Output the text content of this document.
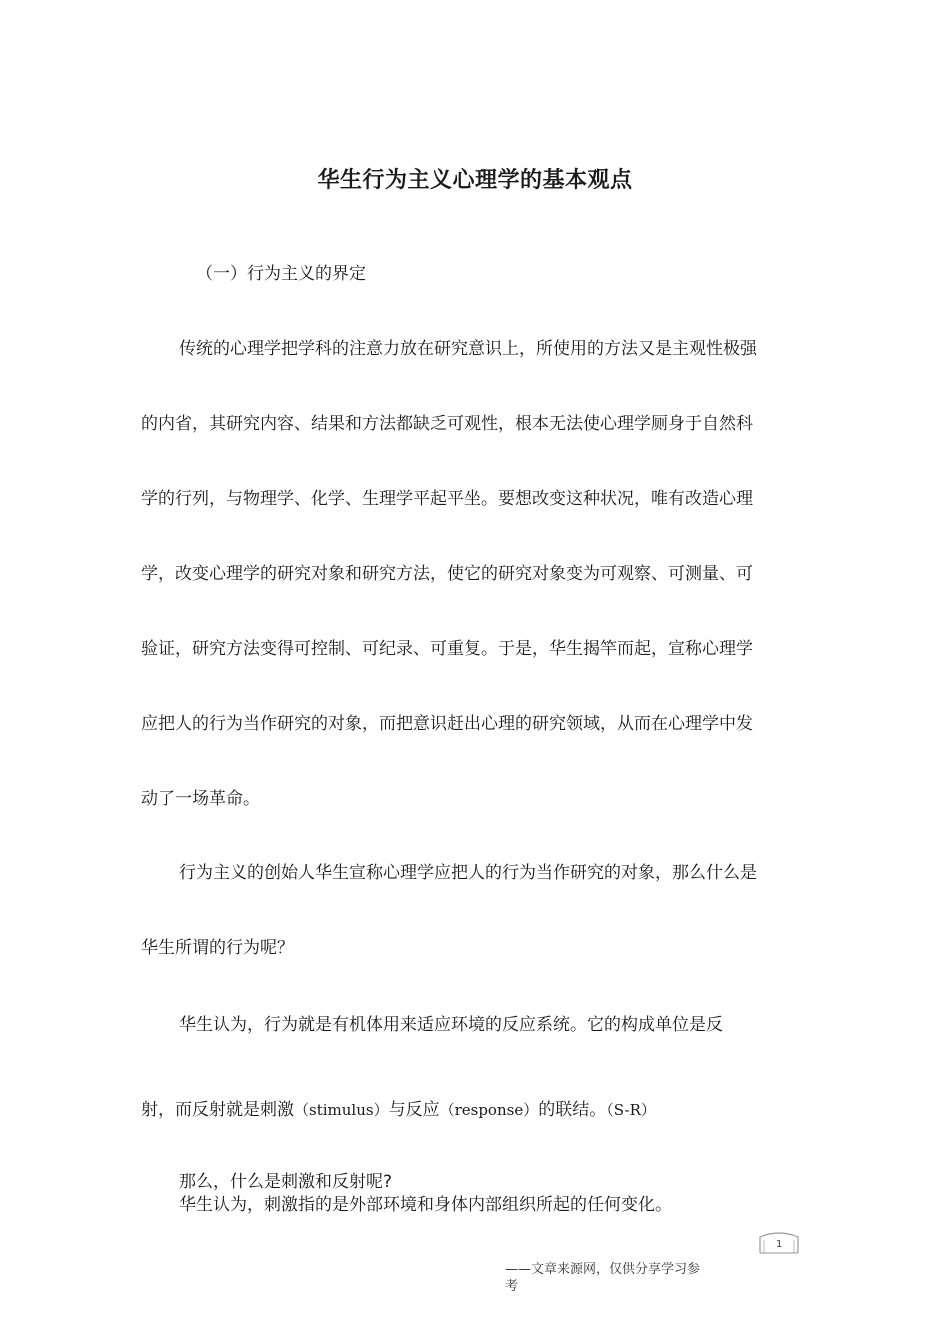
华生行为主义心理学的基本观点
（一）行为主义的界定
传统的心理学把学科的注意力放在研究意识上，所使用的方法又是主观性极强
的内省，其研究内容、结果和方法都缺乏可观性，根本无法使心理学厕身于自然科
学的行列，与物理学、化学、生理学平起平坐。要想改变这种状况，唯有改造心理
学，改变心理学的研究对象和研究方法，使它的研究对象变为可观察、可测量、可
验证，研究方法变得可控制、可纪录、可重复。于是，华生揭竿而起，宣称心理学
应把人的行为当作研究的对象，而把意识赶出心理的研究领域，从而在心理学中发
动了一场革命。
行为主义的创始人华生宣称心理学应把人的行为当作研究的对象，那么什么是
华生所谓的行为呢？
华生认为，行为就是有机体用来适应环境的反应系统。它的构成单位是反
射，而反射就是刺激（stimulus）与反应（response）的联结。（S-R）
那么，什么是刺激和反射呢?
华生认为，刺激指的是外部环境和身体内部组织所起的任何变化。
1
——文章来源网，仅供分享学习参
考
